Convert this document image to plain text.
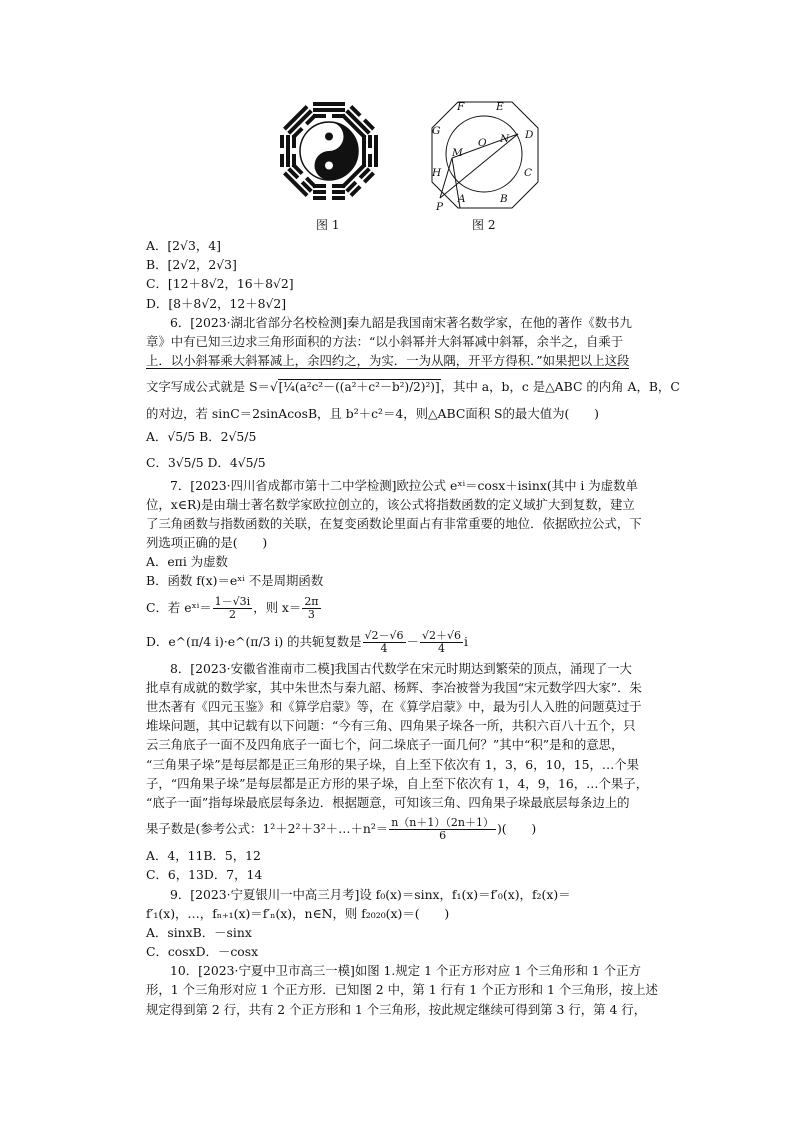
图 1
F	E
G	D
M
O N
H	C
P
A	B
图 2
A．[2√3，4]
B．[2√2，2√3]
C．[12＋8√2，16＋8√2]
D．[8＋8√2，12＋8√2]
6．[2023·湖北省部分名校检测]秦九韶是我国南宋著名数学家，在他的著作《数书九
章》中有已知三边求三角形面积的方法：“以小斜幂并大斜幂减中斜幂，余半之，自乘于
上．以小斜幂乘大斜幂减上，余四约之，为实．一为从隅，开平方得积．”如果把以上这段
文字写成公式就是 S＝√[¼(a²c²－((a²＋c²－b²)/2)²)]，其中 a，b，c 是△ABC 的内角 A，B，C
的对边，若 sinC＝2sinAcosB，且 b²＋c²＝4，则△ABC面积 S的最大值为(　　)
A．√5/5 B．2√5/5
C．3√5/5 D．4√5/5
7．[2023·四川省成都市第十二中学检测]欧拉公式 eˣⁱ＝cosx＋isinx(其中 i 为虚数单
位，x∈R)是由瑞士著名数学家欧拉创立的，该公式将指数函数的定义域扩大到复数，建立
了三角函数与指数函数的关联，在复变函数论里面占有非常重要的地位．依据欧拉公式，下
列选项正确的是(　　)
A．eπi 为虚数
B．函数 f(x)＝eˣⁱ 不是周期函数
C．若 eˣⁱ＝ $\frac{1-√3i}{2}$ ，则 $x= \frac{2\pi}{3}$
D．e^(π/4 i)·e^(π/3 i) 的共轭复数是 $\frac{√2-√6}{4} - \frac{√2+√6}{4}$ i
8．[2023·安徽省淮南市二模]我国古代数学在宋元时期达到繁荣的顶点，涌现了一大
批卓有成就的数学家，其中朱世杰与秦九韶、杨辉、李冶被誉为我国“宋元数学四大家”．朱
世杰著有《四元玉鉴》和《算学启蒙》等，在《算学启蒙》中，最为引人入胜的问题莫过于
堆垛问题，其中记载有以下问题：“今有三角、四角果子垛各一所，共积六百八十五个，只
云三角底子一面不及四角底子一面七个，问二垛底子一面几何？”其中“积”是和的意思，
“三角果子垛”是每层都是正三角形的果子垛，自上至下依次有 1，3，6，10，15，…个果
子，“四角果子垛”是每层都是正方形的果子垛，自上至下依次有 1，4，9，16，…个果子，
“底子一面”指每垛最底层每条边．根据题意，可知该三角、四角果子垛最底层每条边上的
果子数是(参考公式：1²＋2²＋3²＋…＋n²＝ $\frac{n(n+1)(2n+1)}{6}$ )(　　)
A．4，11B．5，12
C．6，13D．7，14
9．[2023·宁夏银川一中高三月考]设 f₀(x)＝sinx，f₁(x)＝f′₀(x)，f₂(x)＝
f′₁(x)，…，fₙ₊₁(x)＝f′ₙ(x)，n∈N，则 f₂₀₂₀(x)＝(　　)
A．sinxB．－sinx
C．cosxD．－cosx
10．[2023·宁夏中卫市高三一模]如图 1.规定 1 个正方形对应 1 个三角形和 1 个正方
形，1 个三角形对应 1 个正方形．已知图 2 中，第 1 行有 1 个正方形和 1 个三角形，按上述
规定得到第 2 行，共有 2 个正方形和 1 个三角形，按此规定继续可得到第 3 行，第 4 行，
